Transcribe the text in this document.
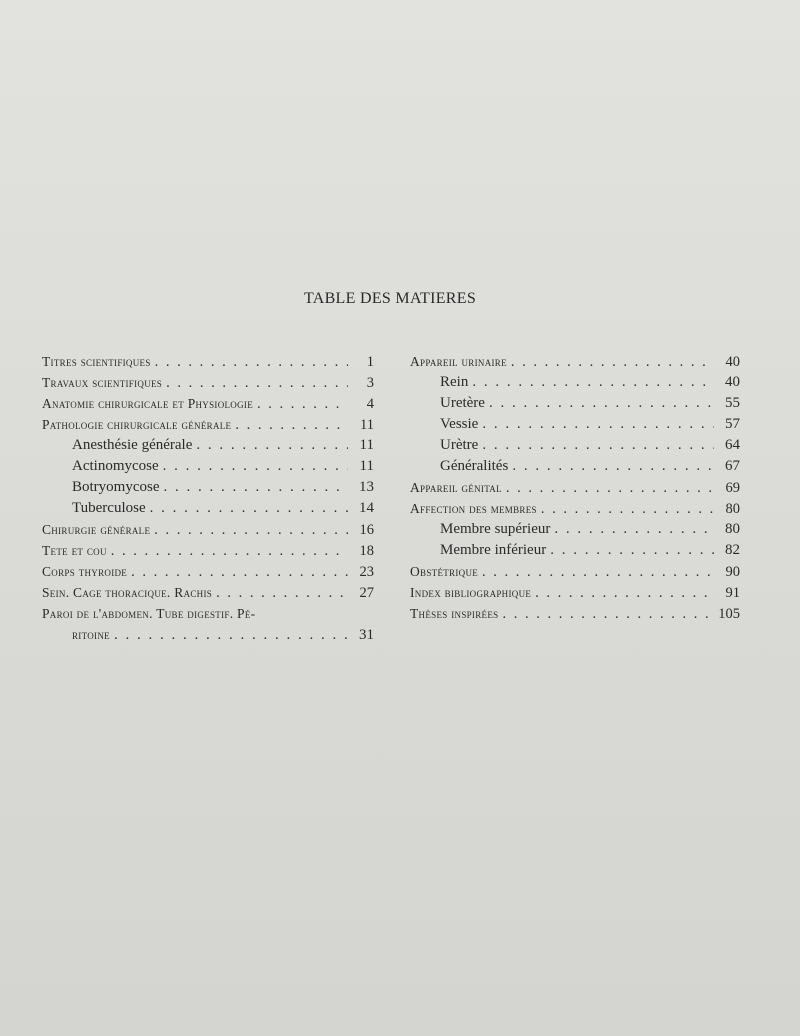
TABLE DES MATIERES
Titres scientifiques . . .	1
Travaux scientifiques . . .	3
Anatomie chirurgicale et Physiologie . . .	4
Pathologie chirurgicale générale . . .	11
Anesthésie générale . . .	11
Actinomycose . . .	11
Botryomycose . . .	13
Tuberculose . . .	14
Chirurgie générale . . .	16
Tete et cou . . .	18
Corps thyroide . . .	23
Sein. Cage thoracique. Rachis . . .	27
Paroi de l'abdomen. Tube digestif. Pé-
ritoine . . .	31
Appareil urinaire . . .	40
Rein . . .	40
Uretère . . .	55
Vessie . . .	57
Urètre . . .	64
Généralités . . .	67
Appareil génital . . .	69
Affection des membres . . .	80
Membre supérieur . . .	80
Membre inférieur . . .	82
Obstétrique . . .	90
Index bibliographique . . .	91
Thèses inspirées . . .	105
